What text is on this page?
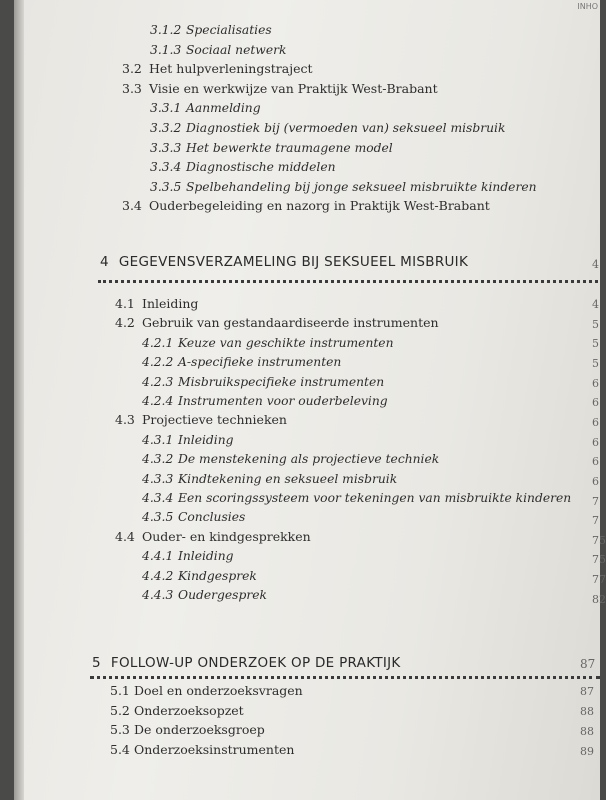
INHO
3.1.2 Specialisaties
3.1.3 Sociaal netwerk
3.2 Het hulpverleningstraject
3.3 Visie en werkwijze van Praktijk West-Brabant
3.3.1 Aanmelding
3.3.2 Diagnostiek bij (vermoeden van) seksueel misbruik
3.3.3 Het bewerkte traumagene model
3.3.4 Diagnostische middelen
3.3.5 Spelbehandeling bij jonge seksueel misbruikte kinderen
3.4 Ouderbegeleiding en nazorg in Praktijk West-Brabant
4 GEGEVENSVERZAMELING BIJ SEKSUEEL MISBRUIK	4
4.1 Inleiding	4
4.2 Gebruik van gestandaardiseerde instrumenten	5
4.2.1 Keuze van geschikte instrumenten	5
4.2.2 A-specifieke instrumenten	5
4.2.3 Misbruikspecifieke instrumenten	6
4.2.4 Instrumenten voor ouderbeleving	6
4.3 Projectieve technieken	6
4.3.1 Inleiding	6
4.3.2 De menstekening als projectieve techniek	6
4.3.3 Kindtekening en seksueel misbruik	6
4.3.4 Een scoringssysteem voor tekeningen van misbruikte kinderen 7
4.3.5 Conclusies	7
4.4 Ouder- en kindgesprekken	75
4.4.1 Inleiding	75
4.4.2 Kindgesprek	77
4.4.3 Oudergesprek	82
5 FOLLOW-UP ONDERZOEK OP DE PRAKTIJK	87
5.1 Doel en onderzoeksvragen	87
5.2 Onderzoeksopzet	88
5.3 De onderzoeksgroep	88
5.4 Onderzoeksinstrumenten	89
